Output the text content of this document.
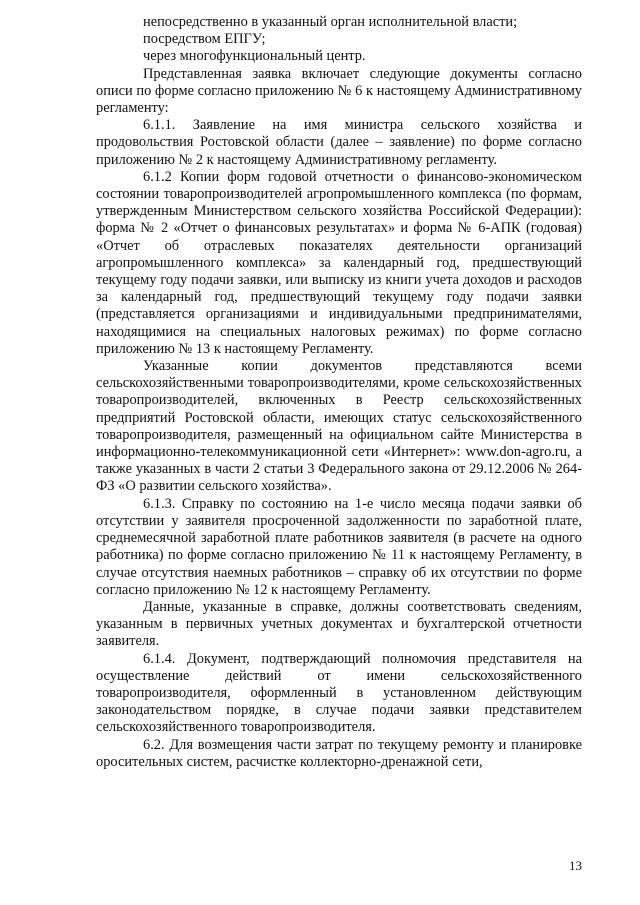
непосредственно в указанный орган исполнительной власти;

посредством ЕПГУ;

через многофункциональный центр.

Представленная заявка включает следующие документы согласно описи по форме согласно приложению № 6 к настоящему Административному регламенту:

6.1.1. Заявление на имя министра сельского хозяйства и продовольствия Ростовской области (далее – заявление) по форме согласно приложению № 2 к настоящему Административному регламенту.

6.1.2 Копии форм годовой отчетности о финансово-экономическом состоянии товаропроизводителей агропромышленного комплекса (по формам, утвержденным Министерством сельского хозяйства Российской Федерации): форма № 2 «Отчет о финансовых результатах» и форма № 6-АПК (годовая) «Отчет об отраслевых показателях деятельности организаций агропромышленного комплекса» за календарный год, предшествующий текущему году подачи заявки, или выписку из книги учета доходов и расходов за календарный год, предшествующий текущему году подачи заявки (представляется организациями и индивидуальными предпринимателями, находящимися на специальных налоговых режимах) по форме согласно приложению № 13 к настоящему Регламенту.

Указанные копии документов представляются всеми сельскохозяйственными товаропроизводителями, кроме сельскохозяйственных товаропроизводителей, включенных в Реестр сельскохозяйственных предприятий Ростовской области, имеющих статус сельскохозяйственного товаропроизводителя, размещенный на официальном сайте Министерства в информационно-телекоммуникационной сети «Интернет»: www.don-agro.ru, а также указанных в части 2 статьи 3 Федерального закона от 29.12.2006 № 264-ФЗ «О развитии сельского хозяйства».

6.1.3. Справку по состоянию на 1-е число месяца подачи заявки об отсутствии у заявителя просроченной задолженности по заработной плате, среднемесячной заработной плате работников заявителя (в расчете на одного работника) по форме согласно приложению № 11 к настоящему Регламенту, в случае отсутствия наемных работников – справку об их отсутствии по форме согласно приложению № 12 к настоящему Регламенту.

Данные, указанные в справке, должны соответствовать сведениям, указанным в первичных учетных документах и бухгалтерской отчетности заявителя.

6.1.4. Документ, подтверждающий полномочия представителя на осуществление действий от имени сельскохозяйственного товаропроизводителя, оформленный в установленном действующим законодательством порядке, в случае подачи заявки представителем сельскохозяйственного товаропроизводителя.

6.2. Для возмещения части затрат по текущему ремонту и планировке оросительных систем, расчистке коллекторно-дренажной сети,

13
